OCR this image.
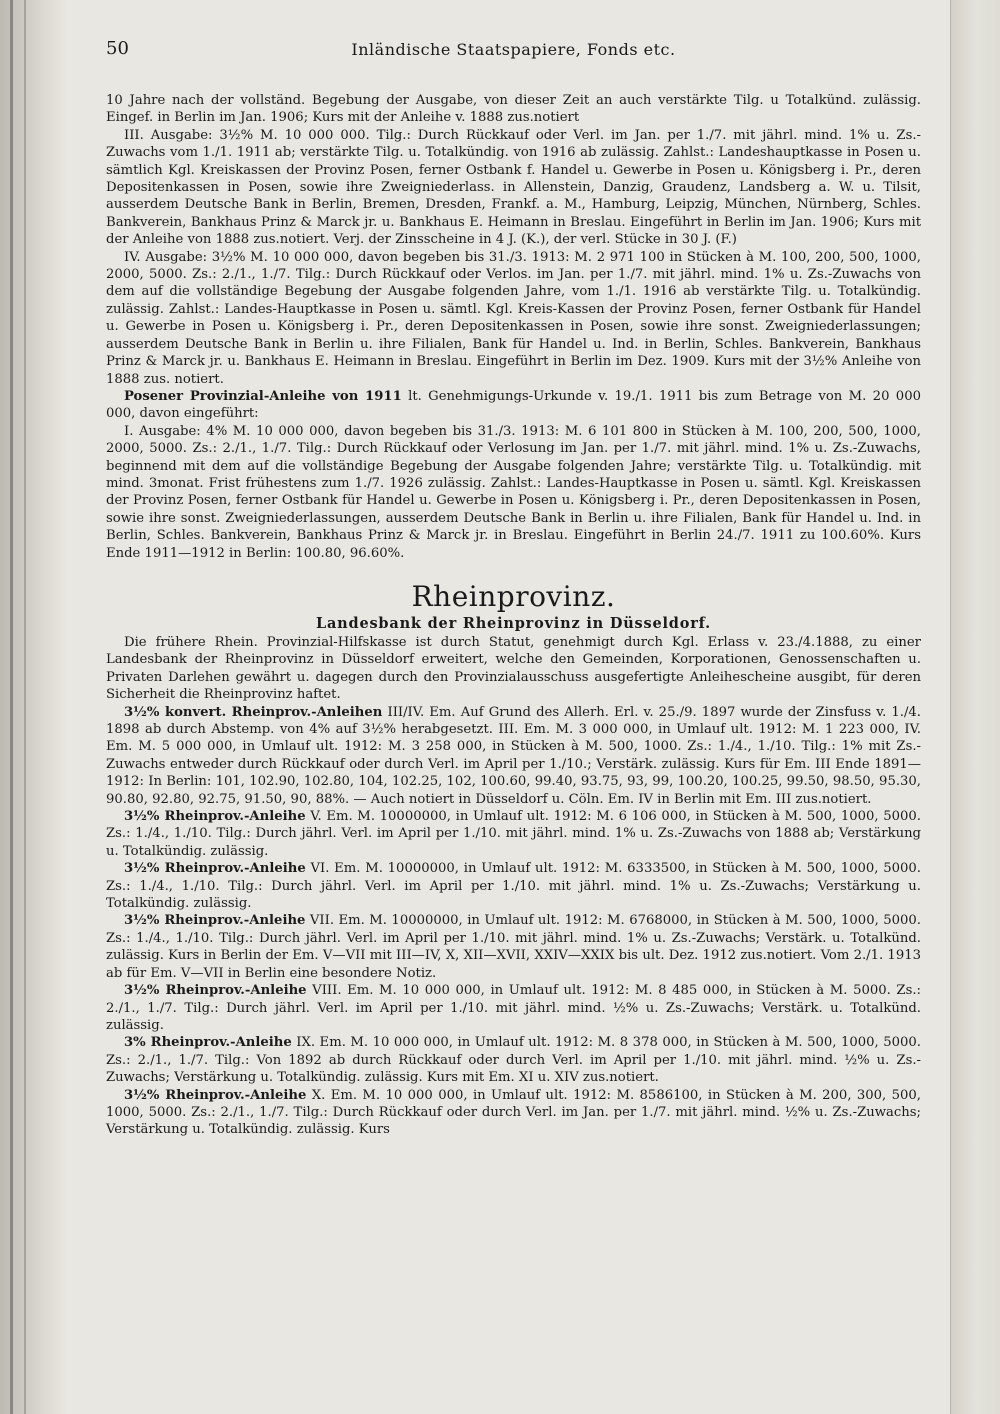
50	Inländische Staatspapiere, Fonds etc.

10 Jahre nach der vollständ. Begebung der Ausgabe, von dieser Zeit an auch verstärkte Tilg. u Totalkünd. zulässig. Eingef. in Berlin im Jan. 1906; Kurs mit der Anleihe v. 1888 zus.notiert

III. Ausgabe: 3½% M. 10 000 000. Tilg.: Durch Rückkauf oder Verl. im Jan. per 1./7. mit jährl. mind. 1% u. Zs.-Zuwachs vom 1./1. 1911 ab; verstärkte Tilg. u. Totalkündig. von 1916 ab zulässig. Zahlst.: Landeshauptkasse in Posen u. sämtlich Kgl. Kreiskassen der Provinz Posen, ferner Ostbank f. Handel u. Gewerbe in Posen u. Königsberg i. Pr., deren Depositenkassen in Posen, sowie ihre Zweigniederlass. in Allenstein, Danzig, Graudenz, Landsberg a. W. u. Tilsit, ausserdem Deutsche Bank in Berlin, Bremen, Dresden, Frankf. a. M., Hamburg, Leipzig, München, Nürnberg, Schles. Bankverein, Bankhaus Prinz & Marck jr. u. Bankhaus E. Heimann in Breslau. Eingeführt in Berlin im Jan. 1906; Kurs mit der Anleihe von 1888 zus.notiert. Verj. der Zinsscheine in 4 J. (K.), der verl. Stücke in 30 J. (F.)

IV. Ausgabe: 3½% M. 10 000 000, davon begeben bis 31./3. 1913: M. 2 971 100 in Stücken à M. 100, 200, 500, 1000, 2000, 5000. Zs.: 2./1., 1./7. Tilg.: Durch Rückkauf oder Verlos. im Jan. per 1./7. mit jährl. mind. 1% u. Zs.-Zuwachs von dem auf die vollständige Begebung der Ausgabe folgenden Jahre, vom 1./1. 1916 ab verstärkte Tilg. u. Totalkündig. zulässig. Zahlst.: Landes-Hauptkasse in Posen u. sämtl. Kgl. Kreis-Kassen der Provinz Posen, ferner Ostbank für Handel u. Gewerbe in Posen u. Königsberg i. Pr., deren Depositenkassen in Posen, sowie ihre sonst. Zweigniederlassungen; ausserdem Deutsche Bank in Berlin u. ihre Filialen, Bank für Handel u. Ind. in Berlin, Schles. Bankverein, Bankhaus Prinz & Marck jr. u. Bankhaus E. Heimann in Breslau. Eingeführt in Berlin im Dez. 1909. Kurs mit der 3½% Anleihe von 1888 zus. notiert.

Posener Provinzial-Anleihe von 1911 lt. Genehmigungs-Urkunde v. 19./1. 1911 bis zum Betrage von M. 20 000 000, davon eingeführt:

I. Ausgabe: 4% M. 10 000 000, davon begeben bis 31./3. 1913: M. 6 101 800 in Stücken à M. 100, 200, 500, 1000, 2000, 5000. Zs.: 2./1., 1./7. Tilg.: Durch Rückkauf oder Verlosung im Jan. per 1./7. mit jährl. mind. 1% u. Zs.-Zuwachs, beginnend mit dem auf die vollständige Begebung der Ausgabe folgenden Jahre; verstärkte Tilg. u. Totalkündig. mit mind. 3monat. Frist frühestens zum 1./7. 1926 zulässig. Zahlst.: Landes-Hauptkasse in Posen u. sämtl. Kgl. Kreiskassen der Provinz Posen, ferner Ostbank für Handel u. Gewerbe in Posen u. Königsberg i. Pr., deren Depositenkassen in Posen, sowie ihre sonst. Zweigniederlassungen, ausserdem Deutsche Bank in Berlin u. ihre Filialen, Bank für Handel u. Ind. in Berlin, Schles. Bankverein, Bankhaus Prinz & Marck jr. in Breslau. Eingeführt in Berlin 24./7. 1911 zu 100.60%. Kurs Ende 1911—1912 in Berlin: 100.80, 96.60%.

Rheinprovinz.
Landesbank der Rheinprovinz in Düsseldorf.

Die frühere Rhein. Provinzial-Hilfskasse ist durch Statut, genehmigt durch Kgl. Erlass v. 23./4.1888, zu einer Landesbank der Rheinprovinz in Düsseldorf erweitert, welche den Gemeinden, Korporationen, Genossenschaften u. Privaten Darlehen gewährt u. dagegen durch den Provinzialausschuss ausgefertigte Anleihescheine ausgibt, für deren Sicherheit die Rheinprovinz haftet.

3½% konvert. Rheinprov.-Anleihen III/IV. Em. Auf Grund des Allerh. Erl. v. 25./9. 1897 wurde der Zinsfuss v. 1./4. 1898 ab durch Abstemp. von 4% auf 3½% herabgesetzt. III. Em. M. 3 000 000, in Umlauf ult. 1912: M. 1 223 000, IV. Em. M. 5 000 000, in Umlauf ult. 1912: M. 3 258 000, in Stücken à M. 500, 1000. Zs.: 1./4., 1./10. Tilg.: 1% mit Zs.-Zuwachs entweder durch Rückkauf oder durch Verl. im April per 1./10.; Verstärk. zulässig. Kurs für Em. III Ende 1891—1912: In Berlin: 101, 102.90, 102.80, 104, 102.25, 102, 100.60, 99.40, 93.75, 93, 99, 100.20, 100.25, 99.50, 98.50, 95.30, 90.80, 92.80, 92.75, 91.50, 90, 88%. — Auch notiert in Düsseldorf u. Cöln. Em. IV in Berlin mit Em. III zus.notiert.

3½% Rheinprov.-Anleihe V. Em. M. 10000000, in Umlauf ult. 1912: M. 6 106 000, in Stücken à M. 500, 1000, 5000. Zs.: 1./4., 1./10. Tilg.: Durch jährl. Verl. im April per 1./10. mit jährl. mind. 1% u. Zs.-Zuwachs von 1888 ab; Verstärkung u. Totalkündig. zulässig.

3½% Rheinprov.-Anleihe VI. Em. M. 10000000, in Umlauf ult. 1912: M. 6333500, in Stücken à M. 500, 1000, 5000. Zs.: 1./4., 1./10. Tilg.: Durch jährl. Verl. im April per 1./10. mit jährl. mind. 1% u. Zs.-Zuwachs; Verstärkung u. Totalkündig. zulässig.

3½% Rheinprov.-Anleihe VII. Em. M. 10000000, in Umlauf ult. 1912: M. 6768000, in Stücken à M. 500, 1000, 5000. Zs.: 1./4., 1./10. Tilg.: Durch jährl. Verl. im April per 1./10. mit jährl. mind. 1% u. Zs.-Zuwachs; Verstärk. u. Totalkünd. zulässig. Kurs in Berlin der Em. V—VII mit III—IV, X, XII—XVII, XXIV—XXIX bis ult. Dez. 1912 zus.notiert. Vom 2./1. 1913 ab für Em. V—VII in Berlin eine besondere Notiz.

3½% Rheinprov.-Anleihe VIII. Em. M. 10 000 000, in Umlauf ult. 1912: M. 8 485 000, in Stücken à M. 5000. Zs.: 2./1., 1./7. Tilg.: Durch jährl. Verl. im April per 1./10. mit jährl. mind. ½% u. Zs.-Zuwachs; Verstärk. u. Totalkünd. zulässig.

3% Rheinprov.-Anleihe IX. Em. M. 10 000 000, in Umlauf ult. 1912: M. 8 378 000, in Stücken à M. 500, 1000, 5000. Zs.: 2./1., 1./7. Tilg.: Von 1892 ab durch Rückkauf oder durch Verl. im April per 1./10. mit jährl. mind. ½% u. Zs.-Zuwachs; Verstärkung u. Totalkündig. zulässig. Kurs mit Em. XI u. XIV zus.notiert.

3½% Rheinprov.-Anleihe X. Em. M. 10 000 000, in Umlauf ult. 1912: M. 8586100, in Stücken à M. 200, 300, 500, 1000, 5000. Zs.: 2./1., 1./7. Tilg.: Durch Rückkauf oder durch Verl. im Jan. per 1./7. mit jährl. mind. ½% u. Zs.-Zuwachs; Verstärkung u. Totalkündig. zulässig. Kurs
